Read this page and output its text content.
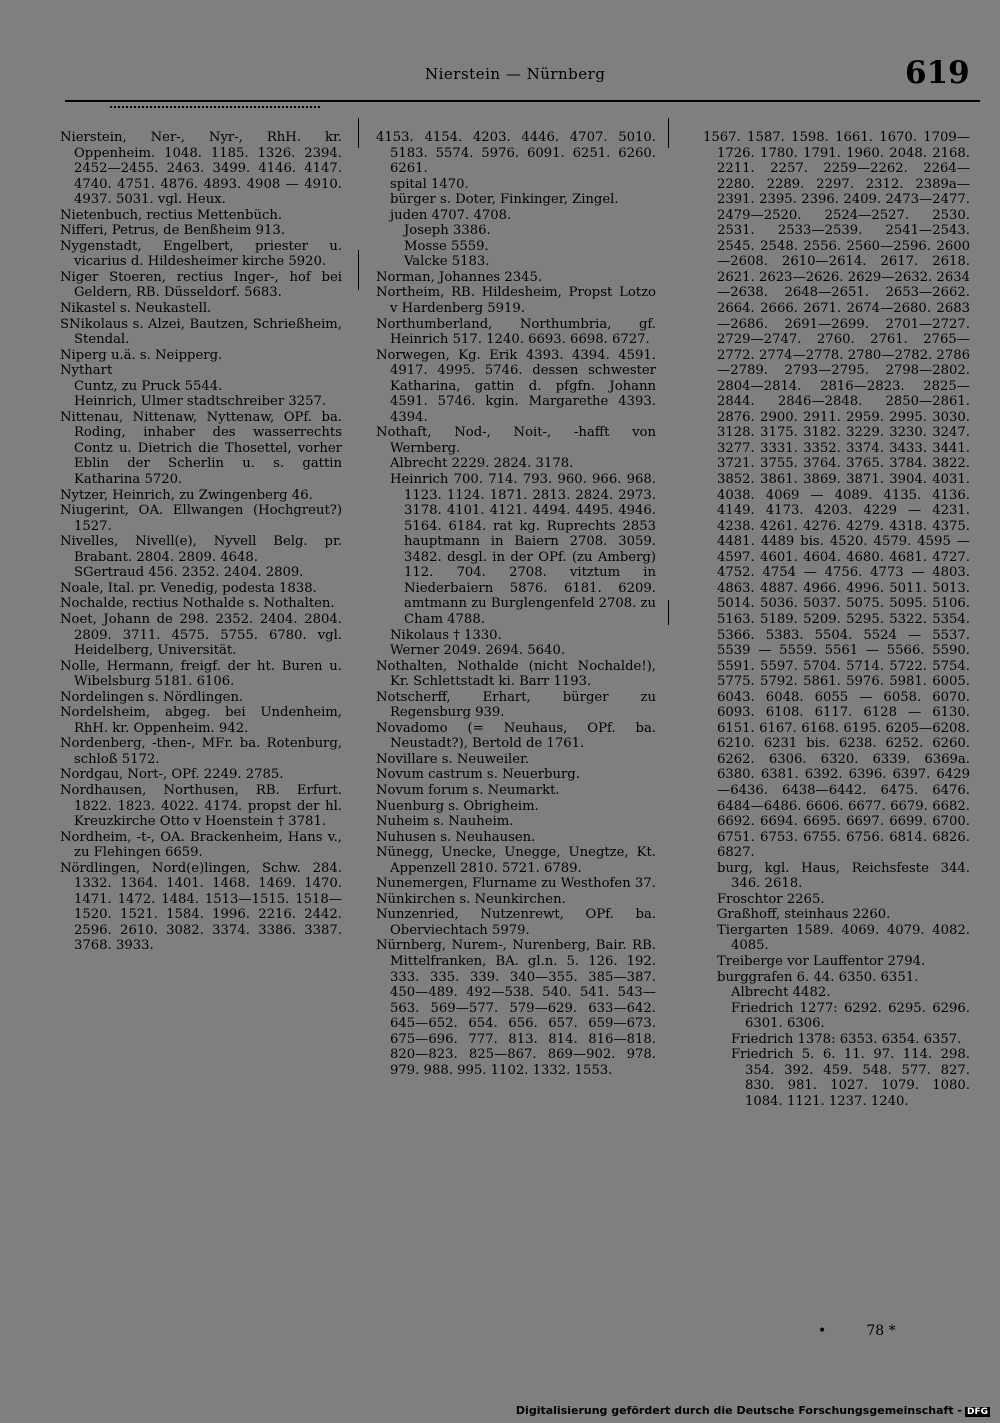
Nierstein — Nürnberg	619

Nierstein, Ner-, Nyr-, RhH. kr. Oppenheim. 1048. 1185. 1326. 2394. 2452—2455. 2463. 3499. 4146. 4147. 4740. 4751. 4876. 4893. 4908 — 4910. 4937. 5031. vgl. Heux.

Nietenbuch, rectius Mettenbüch.

Nifferi, Petrus, de Benßheim 913.

Nygenstadt, Engelbert, priester u. vicarius d. Hildesheimer kirche 5920.

Niger Stoeren, rectius Inger-, hof bei Geldern, RB. Düsseldorf. 5683.

Nikastel s. Neukastell.

SNikolaus s. Alzei, Bautzen, Schrießheim, Stendal.

Niperg u.ä. s. Neipperg.

Nythart

Cuntz, zu Pruck 5544.

Heinrich, Ulmer stadtschreiber 3257.

Nittenau, Nittenaw, Nyttenaw, OPf. ba. Roding, inhaber des wasserrechts Contz u. Dietrich die Thosettel, vorher Eblin der Scherlin u. s. gattin Katharina 5720.

Nytzer, Heinrich, zu Zwingenberg 46.

Niugerint, OA. Ellwangen (Hochgreut?) 1527.

Nivelles, Nivell(e), Nyvell Belg. pr. Brabant. 2804. 2809. 4648.

SGertraud 456. 2352. 2404. 2809.

Noale, Ital. pr. Venedig, podesta 1838.

Nochalde, rectius Nothalde s. Nothalten.

Noet, Johann de 298. 2352. 2404. 2804. 2809. 3711. 4575. 5755. 6780. vgl. Heidelberg, Universität.

Nolle, Hermann, freigf. der ht. Buren u. Wibelsburg 5181. 6106.

Nordelingen s. Nördlingen.

Nordelsheim, abgeg. bei Undenheim, RhH. kr. Oppenheim. 942.

Nordenberg, -then-, MFr. ba. Rotenburg, schloß 5172.

Nordgau, Nort-, OPf. 2249. 2785.

Nordhausen, Northusen, RB. Erfurt. 1822. 1823. 4022. 4174. propst der hl. Kreuzkirche Otto v Hoenstein † 3781.

Nordheim, -t-, OA. Brackenheim, Hans v., zu Flehingen 6659.

Nördlingen, Nord(e)lingen, Schw. 284. 1332. 1364. 1401. 1468. 1469. 1470. 1471. 1472. 1484. 1513—1515. 1518—1520. 1521. 1584. 1996. 2216. 2442. 2596. 2610. 3082. 3374. 3386. 3387. 3768. 3933.

4153. 4154. 4203. 4446. 4707. 5010. 5183. 5574. 5976. 6091. 6251. 6260. 6261.

spital 1470.

bürger s. Doter, Finkinger, Zingel.

juden 4707. 4708.

Joseph 3386.

Mosse 5559.

Valcke 5183.

Norman, Johannes 2345.

Northeim, RB. Hildesheim, Propst Lotzo v Hardenberg 5919.

Northumberland, Northumbria, gf. Heinrich 517. 1240. 6693. 6698. 6727.

Norwegen, Kg. Erik 4393. 4394. 4591. 4917. 4995. 5746. dessen schwester Katharina, gattin d. pfgfn. Johann 4591. 5746. kgin. Margarethe 4393. 4394.

Nothaft, Nod-, Noit-, -hafft von Wernberg.

Albrecht 2229. 2824. 3178.

Heinrich 700. 714. 793. 960. 966. 968. 1123. 1124. 1871. 2813. 2824. 2973. 3178. 4101. 4121. 4494. 4495. 4946. 5164. 6184. rat kg. Ruprechts 2853 hauptmann in Baiern 2708. 3059. 3482. desgl. in der OPf. (zu Amberg) 112. 704. 2708. vitztum in Niederbaiern 5876. 6181. 6209. amtmann zu Burglengenfeld 2708. zu Cham 4788.

Nikolaus † 1330.

Werner 2049. 2694. 5640.

Nothalten, Nothalde (nicht Nochalde!), Kr. Schlettstadt ki. Barr 1193.

Notscherff, Erhart, bürger zu Regensburg 939.

Novadomo (= Neuhaus, OPf. ba. Neustadt?), Bertold de 1761.

Novillare s. Neuweiler.

Novum castrum s. Neuerburg.

Novum forum s. Neumarkt.

Nuenburg s. Obrigheim.

Nuheim s. Nauheim.

Nuhusen s. Neuhausen.

Nünegg, Unecke, Unegge, Unegtze, Kt. Appenzell 2810. 5721. 6789.

Nunemergen, Flurname zu Westhofen 37.

Nünkirchen s. Neunkirchen.

Nunzenried, Nutzenrewt, OPf. ba. Oberviechtach 5979.

Nürnberg, Nurem-, Nurenberg, Bair. RB. Mittelfranken, BA. gl.n. 5. 126. 192. 333. 335. 339. 340—355. 385—387. 450—489. 492—538. 540. 541. 543—563. 569—577. 579—629. 633—642. 645—652. 654. 656. 657. 659—673. 675—696. 777. 813. 814. 816—818. 820—823. 825—867. 869—902. 978. 979. 988. 995. 1102. 1332. 1553.

1567. 1587. 1598. 1661. 1670. 1709—1726. 1780. 1791. 1960. 2048. 2168. 2211. 2257. 2259—2262. 2264—2280. 2289. 2297. 2312. 2389a—2391. 2395. 2396. 2409. 2473—2477. 2479—2520. 2524—2527. 2530. 2531. 2533—2539. 2541—2543. 2545. 2548. 2556. 2560—2596. 2600—2608. 2610—2614. 2617. 2618. 2621. 2623—2626. 2629—2632. 2634—2638. 2648—2651. 2653—2662. 2664. 2666. 2671. 2674—2680. 2683—2686. 2691—2699. 2701—2727. 2729—2747. 2760. 2761. 2765—2772. 2774—2778. 2780—2782. 2786—2789. 2793—2795. 2798—2802. 2804—2814. 2816—2823. 2825—2844. 2846—2848. 2850—2861. 2876. 2900. 2911. 2959. 2995. 3030. 3128. 3175. 3182. 3229. 3230. 3247. 3277. 3331. 3352. 3374. 3433. 3441. 3721. 3755. 3764. 3765. 3784. 3822. 3852. 3861. 3869. 3871. 3904. 4031. 4038. 4069 — 4089. 4135. 4136. 4149. 4173. 4203. 4229 — 4231. 4238. 4261. 4276. 4279. 4318. 4375. 4481. 4489 bis. 4520. 4579. 4595 — 4597. 4601. 4604. 4680. 4681. 4727. 4752. 4754 — 4756. 4773 — 4803. 4863. 4887. 4966. 4996. 5011. 5013. 5014. 5036. 5037. 5075. 5095. 5106. 5163. 5189. 5209. 5295. 5322. 5354. 5366. 5383. 5504. 5524 — 5537. 5539 — 5559. 5561 — 5566. 5590. 5591. 5597. 5704. 5714. 5722. 5754. 5775. 5792. 5861. 5976. 5981. 6005. 6043. 6048. 6055 — 6058. 6070. 6093. 6108. 6117. 6128 — 6130. 6151. 6167. 6168. 6195. 6205—6208. 6210. 6231 bis. 6238. 6252. 6260. 6262. 6306. 6320. 6339. 6369a. 6380. 6381. 6392. 6396. 6397. 6429—6436. 6438—6442. 6475. 6476. 6484—6486. 6606. 6677. 6679. 6682. 6692. 6694. 6695. 6697. 6699. 6700. 6751. 6753. 6755. 6756. 6814. 6826. 6827.

burg, kgl. Haus, Reichsfeste 344. 346. 2618.

Froschtor 2265.

Graßhoff, steinhaus 2260.

Tiergarten 1589. 4069. 4079. 4082. 4085.

Treiberge vor Lauffentor 2794.

burggrafen 6. 44. 6350. 6351.

Albrecht 4482.

Friedrich 1277: 6292. 6295. 6296. 6301. 6306.

Friedrich 1378: 6353. 6354. 6357.

Friedrich 5. 6. 11. 97. 114. 298. 354. 392. 459. 548. 577. 827. 830. 981. 1027. 1079. 1080. 1084. 1121. 1237. 1240.

•         78 *
Digitalisierung gefördert durch die Deutsche Forschungsgemeinschaft - DFG
